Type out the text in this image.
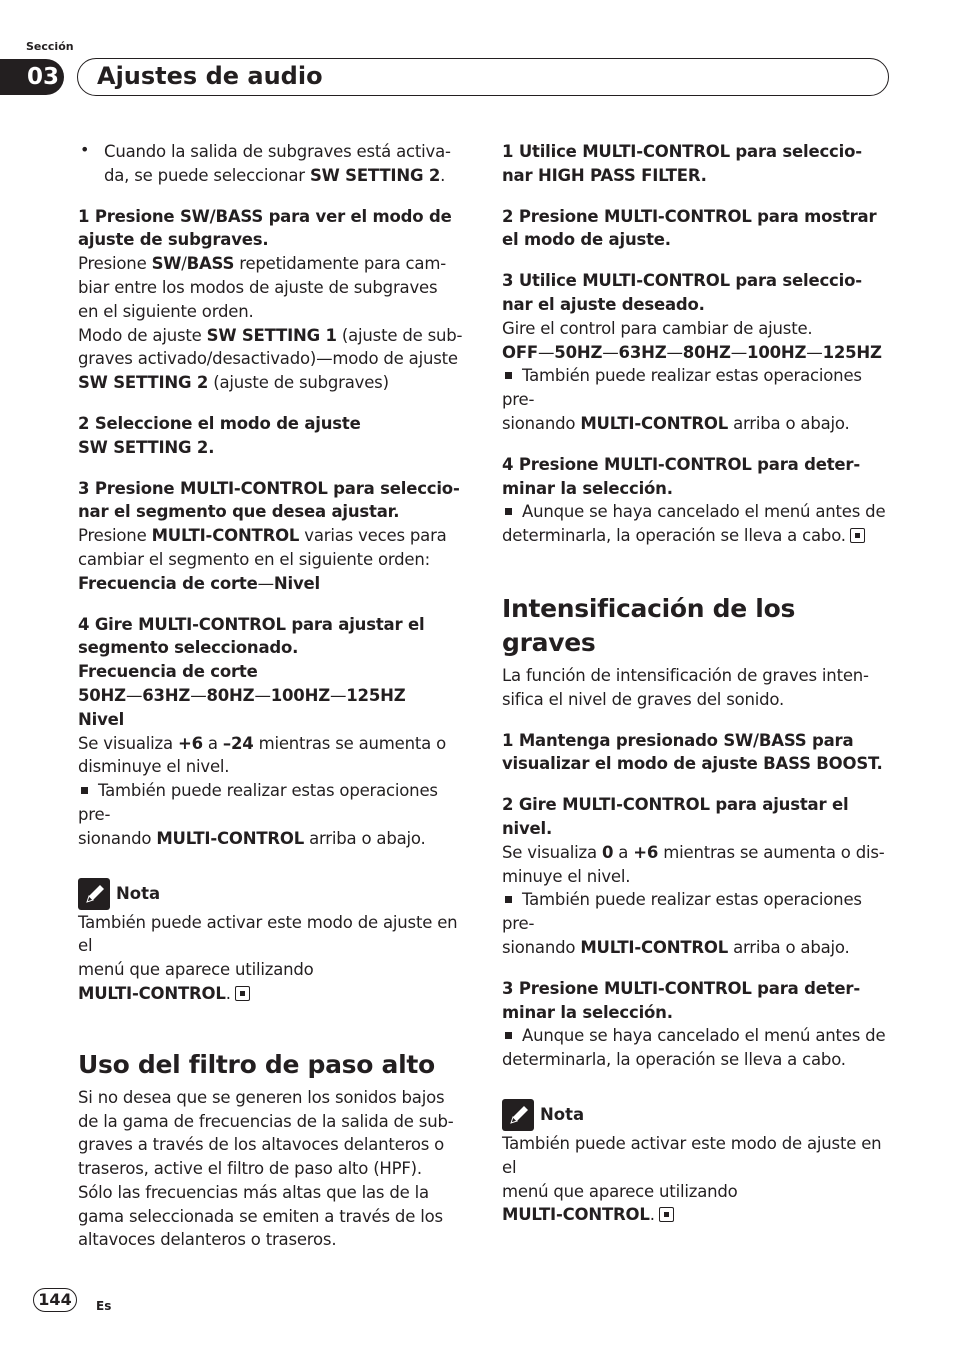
Sección
03 Ajustes de audio
• Cuando la salida de subgraves está activa-
da, se puede seleccionar SW SETTING 2.
1 Presione SW/BASS para ver el modo de
ajuste de subgraves.
Presione SW/BASS repetidamente para cam-
biar entre los modos de ajuste de subgraves
en el siguiente orden.
Modo de ajuste SW SETTING 1 (ajuste de sub-
graves activado/desactivado)—modo de ajuste
SW SETTING 2 (ajuste de subgraves)
2 Seleccione el modo de ajuste
SW SETTING 2.
3 Presione MULTI-CONTROL para seleccio-
nar el segmento que desea ajustar.
Presione MULTI-CONTROL varias veces para
cambiar el segmento en el siguiente orden:
Frecuencia de corte—Nivel
4 Gire MULTI-CONTROL para ajustar el
segmento seleccionado.
Frecuencia de corte
50HZ—63HZ—80HZ—100HZ—125HZ
Nivel
Se visualiza +6 a –24 mientras se aumenta o
disminuye el nivel.
También puede realizar estas operaciones pre-
sionando MULTI-CONTROL arriba o abajo.
Nota
También puede activar este modo de ajuste en el
menú que aparece utilizando
MULTI-CONTROL.
Uso del filtro de paso alto
Si no desea que se generen los sonidos bajos
de la gama de frecuencias de la salida de sub-
graves a través de los altavoces delanteros o
traseros, active el filtro de paso alto (HPF).
Sólo las frecuencias más altas que las de la
gama seleccionada se emiten a través de los
altavoces delanteros o traseros.
1 Utilice MULTI-CONTROL para seleccio-
nar HIGH PASS FILTER.
2 Presione MULTI-CONTROL para mostrar
el modo de ajuste.
3 Utilice MULTI-CONTROL para seleccio-
nar el ajuste deseado.
Gire el control para cambiar de ajuste.
OFF—50HZ—63HZ—80HZ—100HZ—125HZ
También puede realizar estas operaciones pre-
sionando MULTI-CONTROL arriba o abajo.
4 Presione MULTI-CONTROL para deter-
minar la selección.
Aunque se haya cancelado el menú antes de
determinarla, la operación se lleva a cabo.
Intensificación de los graves
La función de intensificación de graves inten-
sifica el nivel de graves del sonido.
1 Mantenga presionado SW/BASS para
visualizar el modo de ajuste BASS BOOST.
2 Gire MULTI-CONTROL para ajustar el
nivel.
Se visualiza 0 a +6 mientras se aumenta o dis-
minuye el nivel.
También puede realizar estas operaciones pre-
sionando MULTI-CONTROL arriba o abajo.
3 Presione MULTI-CONTROL para deter-
minar la selección.
Aunque se haya cancelado el menú antes de
determinarla, la operación se lleva a cabo.
Nota
También puede activar este modo de ajuste en el
menú que aparece utilizando
MULTI-CONTROL.
144	Es
